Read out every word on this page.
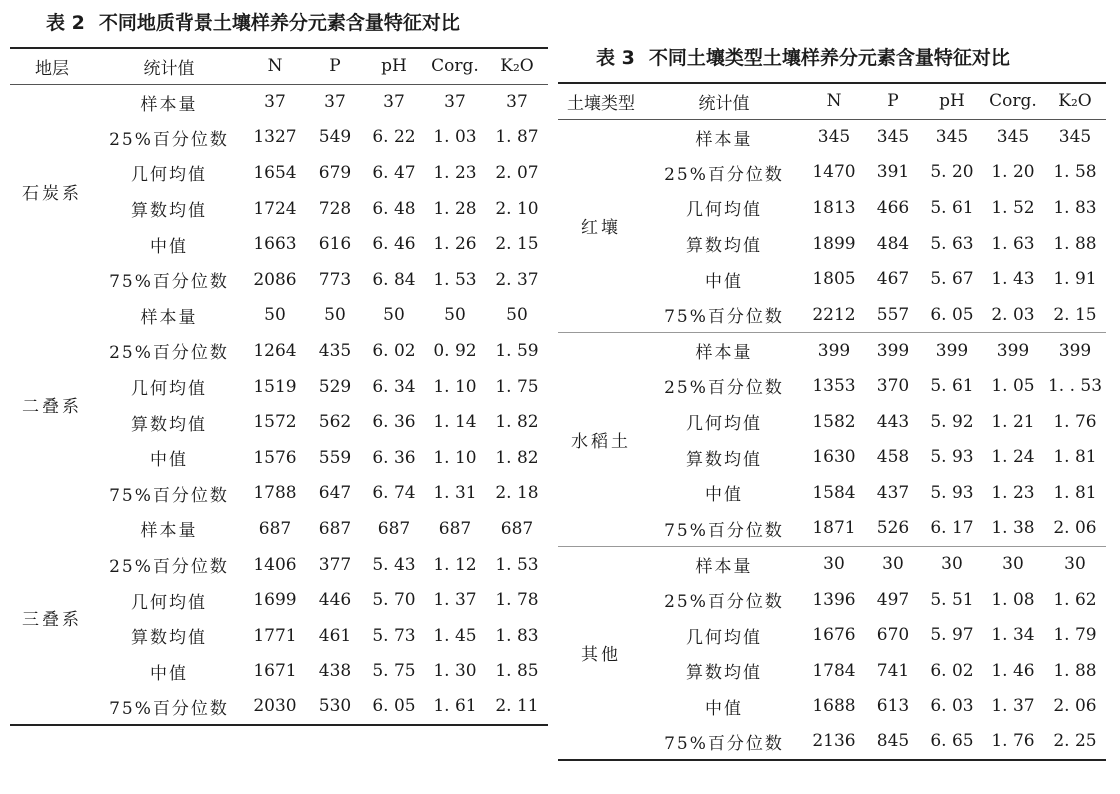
表 2 不同地质背景土壤样养分元素含量特征对比
地层	统计值	N	P	pH	Corg.	K₂O
石炭系	样本量	37	37	37	37	37
	25%百分位数	1327	549	6. 22	1. 03	1. 87
	几何均值	1654	679	6. 47	1. 23	2. 07
	算数均值	1724	728	6. 48	1. 28	2. 10
	中值	1663	616	6. 46	1. 26	2. 15
	75%百分位数	2086	773	6. 84	1. 53	2. 37
二叠系	样本量	50	50	50	50	50
	25%百分位数	1264	435	6. 02	0. 92	1. 59
	几何均值	1519	529	6. 34	1. 10	1. 75
	算数均值	1572	562	6. 36	1. 14	1. 82
	中值	1576	559	6. 36	1. 10	1. 82
	75%百分位数	1788	647	6. 74	1. 31	2. 18
三叠系	样本量	687	687	687	687	687
	25%百分位数	1406	377	5. 43	1. 12	1. 53
	几何均值	1699	446	5. 70	1. 37	1. 78
	算数均值	1771	461	5. 73	1. 45	1. 83
	中值	1671	438	5. 75	1. 30	1. 85
	75%百分位数	2030	530	6. 05	1. 61	2. 11
表 3 不同土壤类型土壤样养分元素含量特征对比
土壤类型	统计值	N	P	pH	Corg.	K₂O
红壤	样本量	345	345	345	345	345
	25%百分位数	1470	391	5. 20	1. 20	1. 58
	几何均值	1813	466	5. 61	1. 52	1. 83
	算数均值	1899	484	5. 63	1. 63	1. 88
	中值	1805	467	5. 67	1. 43	1. 91
	75%百分位数	2212	557	6. 05	2. 03	2. 15
水稻土	样本量	399	399	399	399	399
	25%百分位数	1353	370	5. 61	1. 05	1. . 53
	几何均值	1582	443	5. 92	1. 21	1. 76
	算数均值	1630	458	5. 93	1. 24	1. 81
	中值	1584	437	5. 93	1. 23	1. 81
	75%百分位数	1871	526	6. 17	1. 38	2. 06
其他	样本量	30	30	30	30	30
	25%百分位数	1396	497	5. 51	1. 08	1. 62
	几何均值	1676	670	5. 97	1. 34	1. 79
	算数均值	1784	741	6. 02	1. 46	1. 88
	中值	1688	613	6. 03	1. 37	2. 06
	75%百分位数	2136	845	6. 65	1. 76	2. 25
